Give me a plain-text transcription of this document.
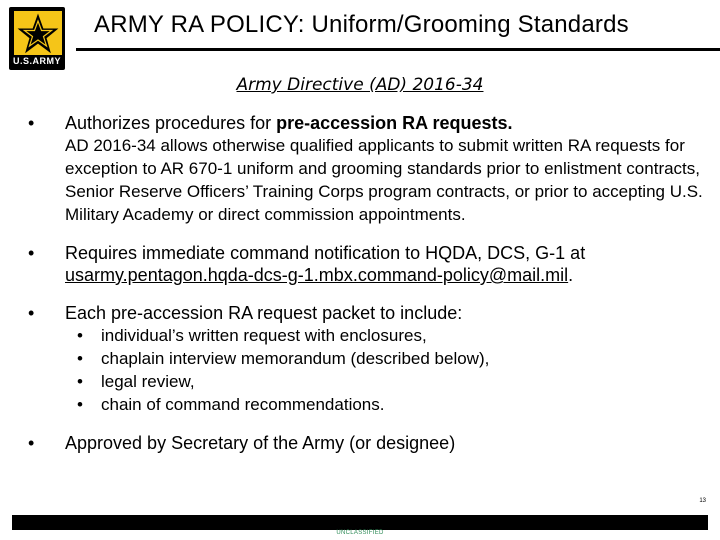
U.S.ARMY
ARMY RA POLICY: Uniform/Grooming Standards
Army Directive (AD) 2016-34
• Authorizes procedures for pre-accession RA requests.
AD 2016-34 allows otherwise qualified applicants to submit written RA requests for exception to AR 670-1 uniform and grooming standards prior to enlistment contracts, Senior Reserve Officers’ Training Corps program contracts, or prior to accepting U.S. Military Academy or direct commission appointments.
• Requires immediate command notification to HQDA, DCS, G-1 at
usarmy.pentagon.hqda-dcs-g-1.mbx.command-policy@mail.mil.
• Each pre-accession RA request packet to include:
• individual’s written request with enclosures,
• chaplain interview memorandum (described below),
• legal review,
• chain of command recommendations.
• Approved by Secretary of the Army (or designee)
13
UNCLASSIFIED
